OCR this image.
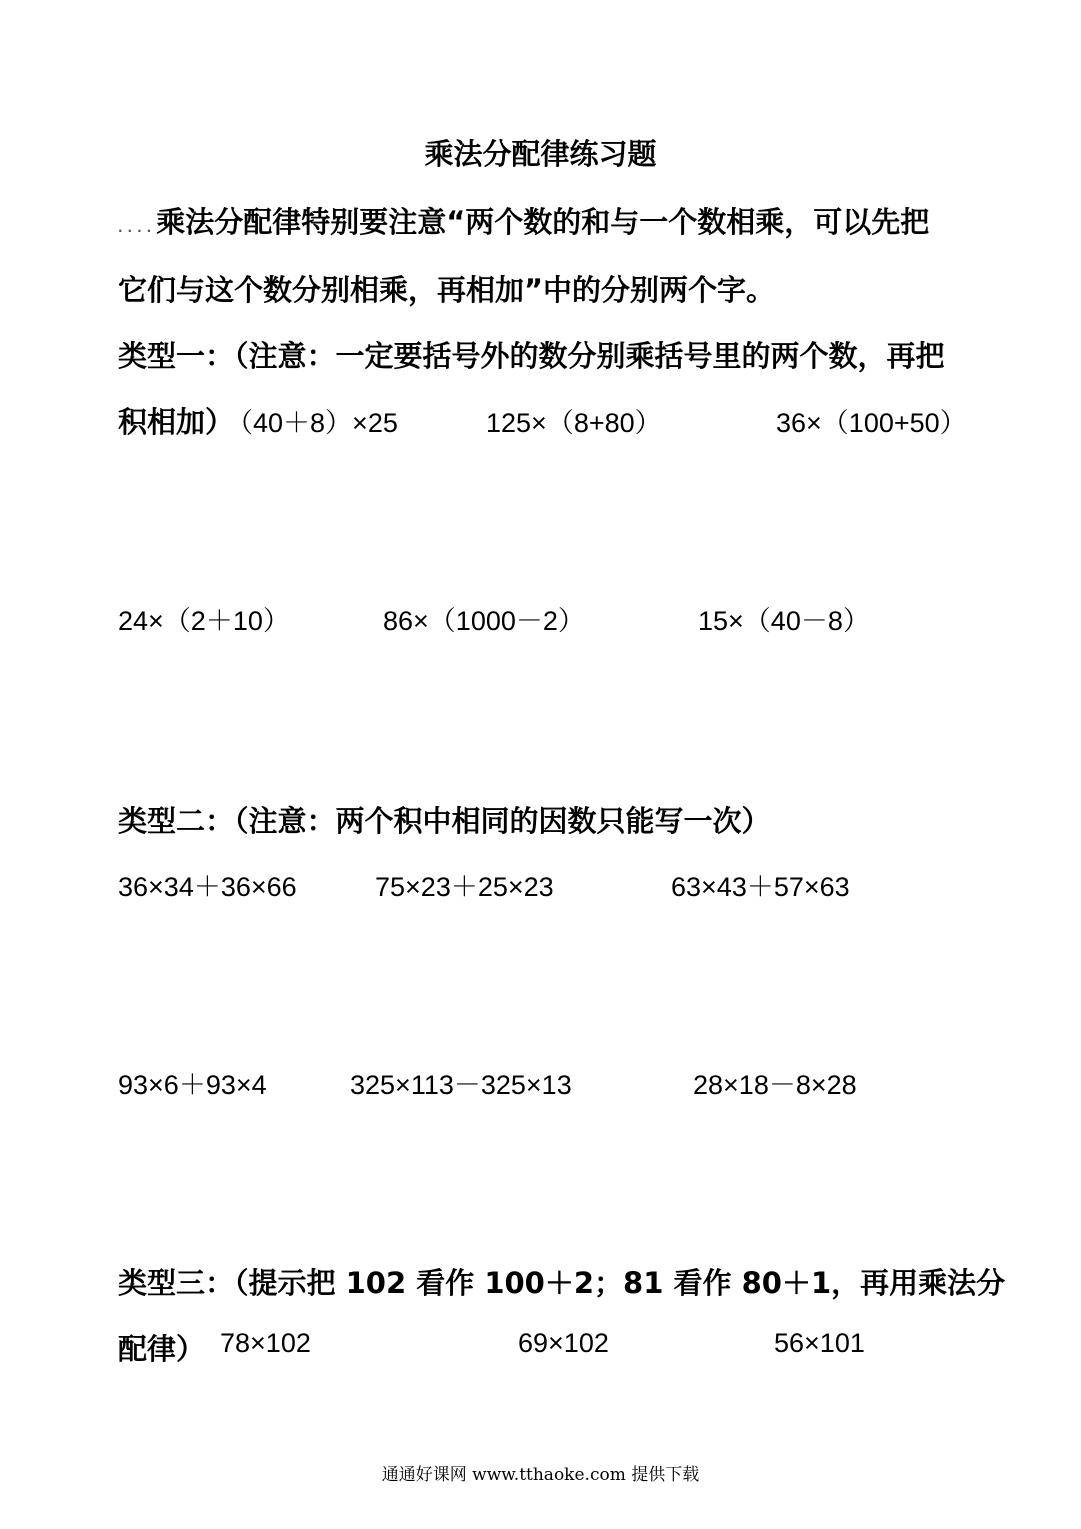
乘法分配律练习题
....乘法分配律特别要注意“两个数的和与一个数相乘，可以先把
它们与这个数分别相乘，再相加”中的分别两个字。
类型一：（注意：一定要括号外的数分别乘括号里的两个数，再把
积相加）
（40＋8）×25	125×（8+80）	36×（100+50）
24×（2＋10）	86×（1000－2）	15×（40－8）
类型二：（注意：两个积中相同的因数只能写一次）
36×34＋36×66	75×23＋25×23	63×43＋57×63
93×6＋93×4	325×113－325×13	28×18－8×28
类型三：（提示把 102 看作 100＋2；81 看作 80＋1，再用乘法分
配律） 78×102	69×102	56×101
通通好课网 www.tthaoke.com 提供下载
